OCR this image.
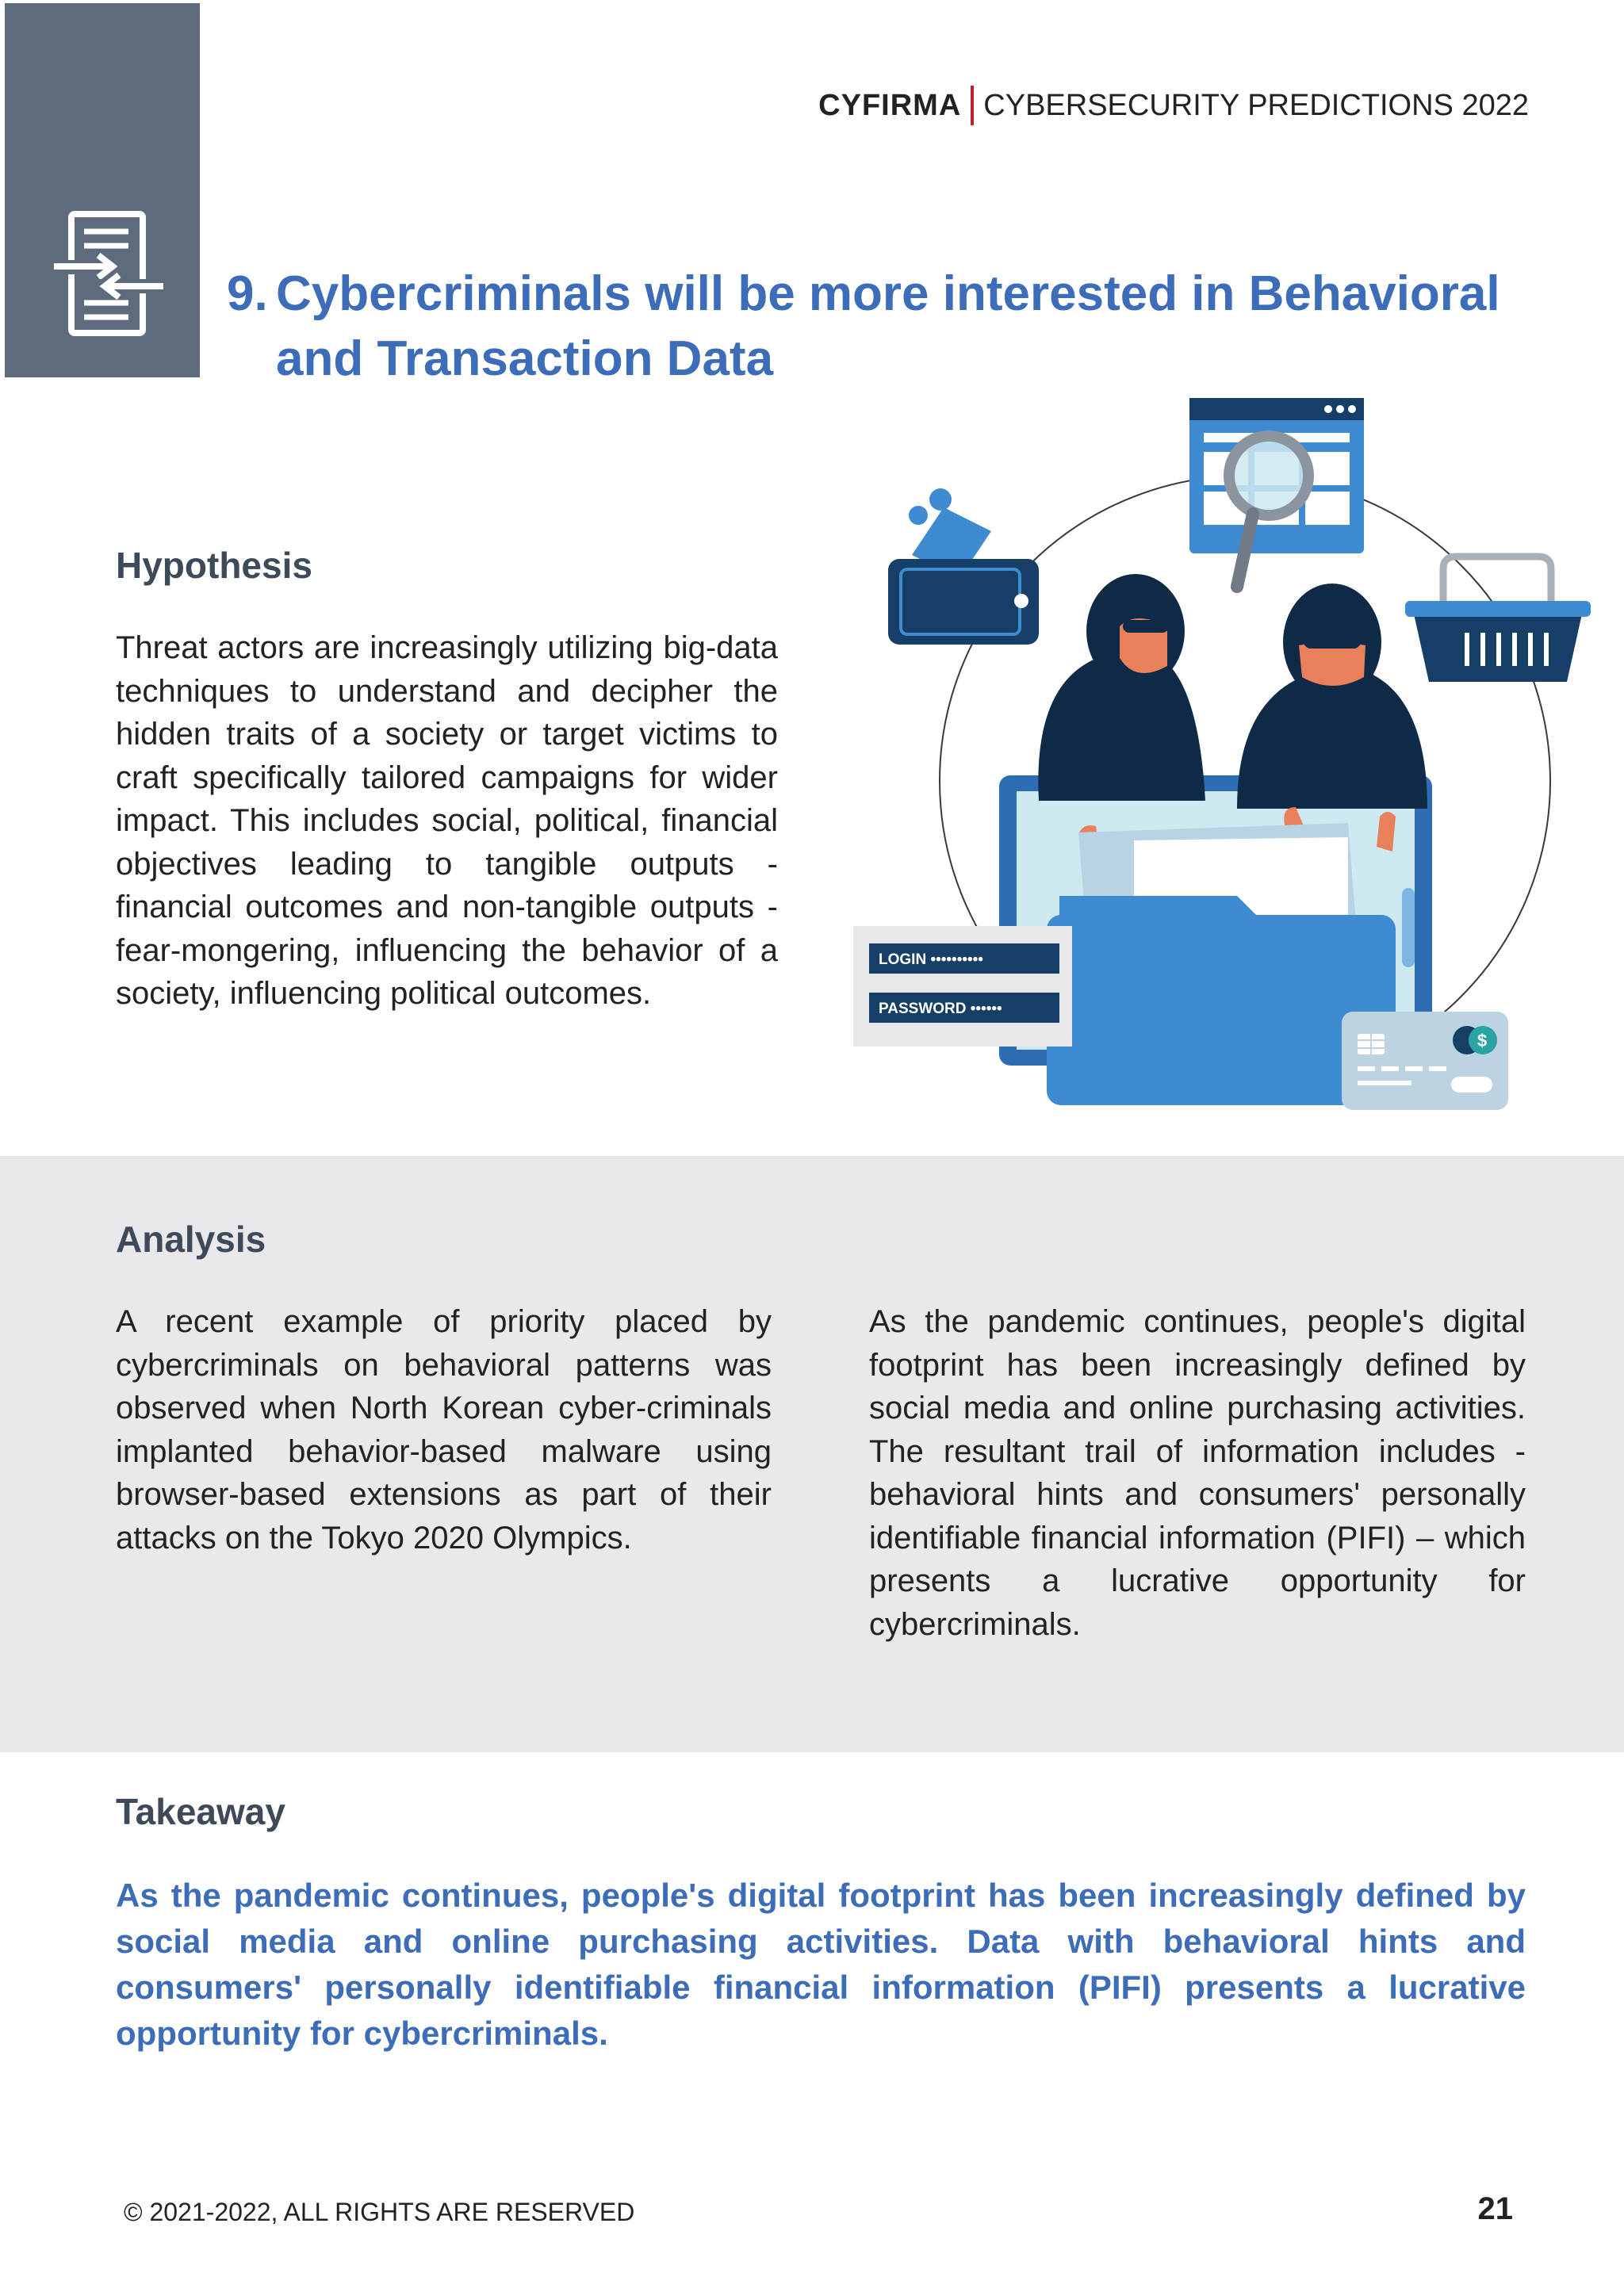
CYFIRMA CYBERSECURITY PREDICTIONS 2022
9. Cybercriminals will be more interested in Behavioral
and Transaction Data
Hypothesis
Threat actors are increasingly utilizing big-data techniques to understand and decipher the hidden traits of a society or target victims to craft specifically tailored campaigns for wider impact. This includes social, political, financial objectives leading to tangible outputs - financial outcomes and non-tangible outputs - fear-mongering, influencing the behavior of a society, influencing political outcomes.
LOGIN ••••••••••
PASSWORD ••••••
$
Analysis
A recent example of priority placed by cybercriminals on behavioral patterns was observed when North Korean cyber-criminals implanted behavior-based malware using browser-based extensions as part of their attacks on the Tokyo 2020 Olympics.
As the pandemic continues, people's digital footprint has been increasingly defined by social media and online purchasing activities. The resultant trail of information includes - behavioral hints and consumers' personally identifiable financial information (PIFI) – which presents a lucrative opportunity for cybercriminals.
Takeaway
As the pandemic continues, people's digital footprint has been increasingly defined by social media and online purchasing activities. Data with behavioral hints and consumers' personally identifiable financial information (PIFI) presents a lucrative opportunity for cybercriminals.
© 2021-2022, ALL RIGHTS ARE RESERVED	21
